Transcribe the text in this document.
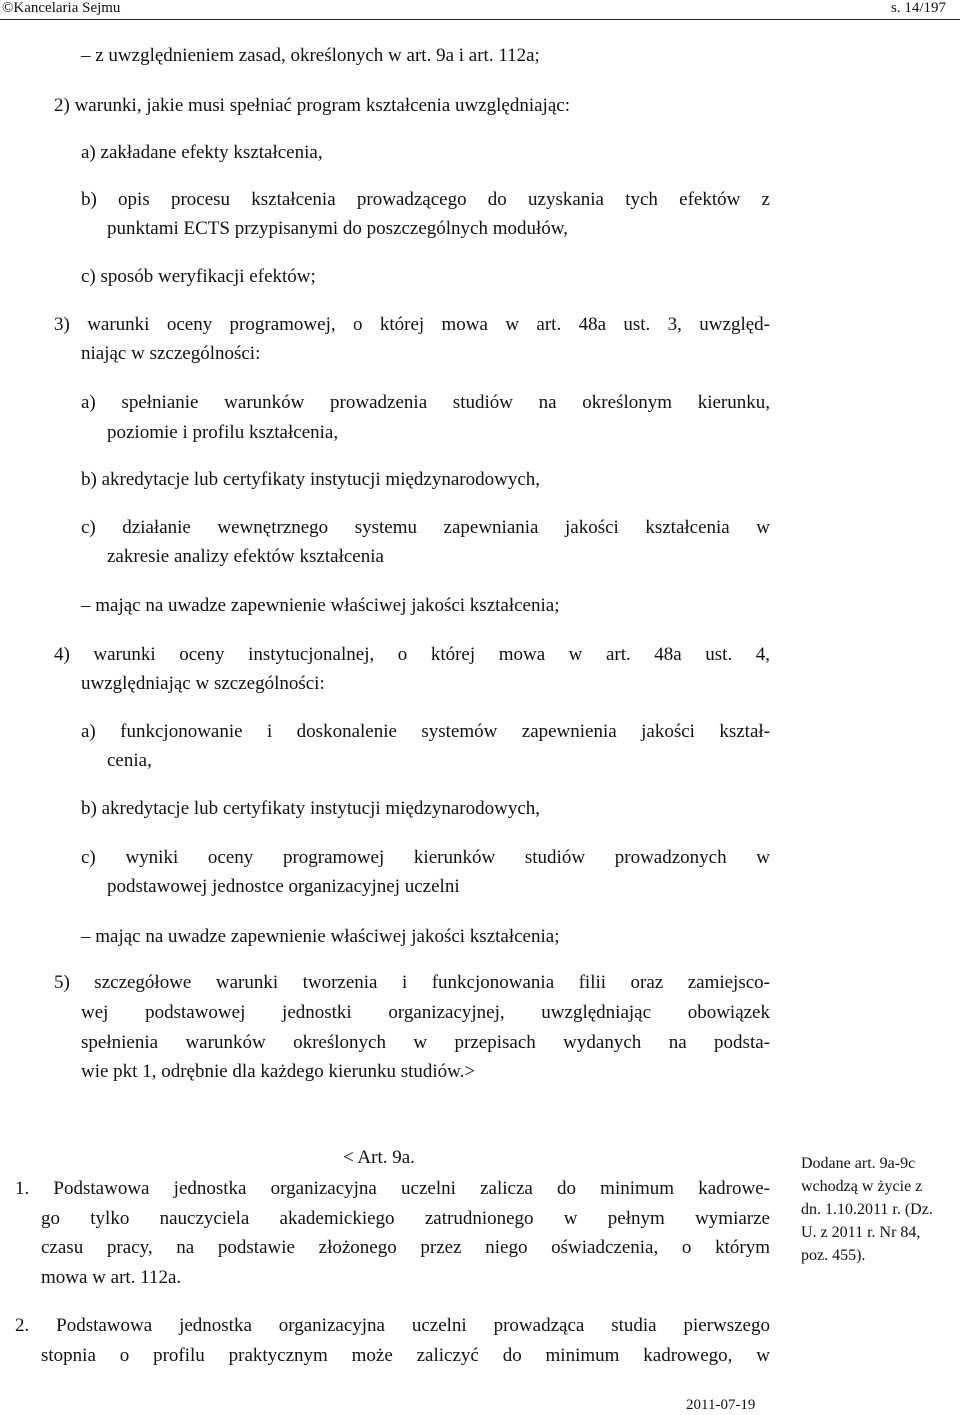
©Kancelaria Sejmu	s. 14/197
– z uwzględnieniem zasad, określonych w art. 9a i art. 112a;
2) warunki, jakie musi spełniać program kształcenia uwzględniając:
a) zakładane efekty kształcenia,
b) opis procesu kształcenia prowadzącego do uzyskania tych efektów z
punktami ECTS przypisanymi do poszczególnych modułów,
c) sposób weryfikacji efektów;
3) warunki oceny programowej, o której mowa w art. 48a ust. 3, uwzględ-
niając w szczególności:
a) spełnianie warunków prowadzenia studiów na określonym kierunku,
poziomie i profilu kształcenia,
b) akredytacje lub certyfikaty instytucji międzynarodowych,
c) działanie wewnętrznego systemu zapewniania jakości kształcenia w
zakresie analizy efektów kształcenia
– mając na uwadze zapewnienie właściwej jakości kształcenia;
4) warunki oceny instytucjonalnej, o której mowa w art. 48a ust. 4,
uwzględniając w szczególności:
a) funkcjonowanie i doskonalenie systemów zapewnienia jakości kształ-
cenia,
b) akredytacje lub certyfikaty instytucji międzynarodowych,
c) wyniki oceny programowej kierunków studiów prowadzonych w
podstawowej jednostce organizacyjnej uczelni
– mając na uwadze zapewnienie właściwej jakości kształcenia;
5) szczegółowe warunki tworzenia i funkcjonowania filii oraz zamiejsco-
wej podstawowej jednostki organizacyjnej, uwzględniając obowiązek
spełnienia warunków określonych w przepisach wydanych na podsta-
wie pkt 1, odrębnie dla każdego kierunku studiów.>
< Art. 9a.
1. Podstawowa jednostka organizacyjna uczelni zalicza do minimum kadrowe-
go tylko nauczyciela akademickiego zatrudnionego w pełnym wymiarze
czasu pracy, na podstawie złożonego przez niego oświadczenia, o którym
mowa w art. 112a.
2. Podstawowa jednostka organizacyjna uczelni prowadząca studia pierwszego
stopnia o profilu praktycznym może zaliczyć do minimum kadrowego, w
Dodane art. 9a-9c
wchodzą w życie z
dn. 1.10.2011 r. (Dz.
U. z 2011 r. Nr 84,
poz. 455).
2011-07-19
